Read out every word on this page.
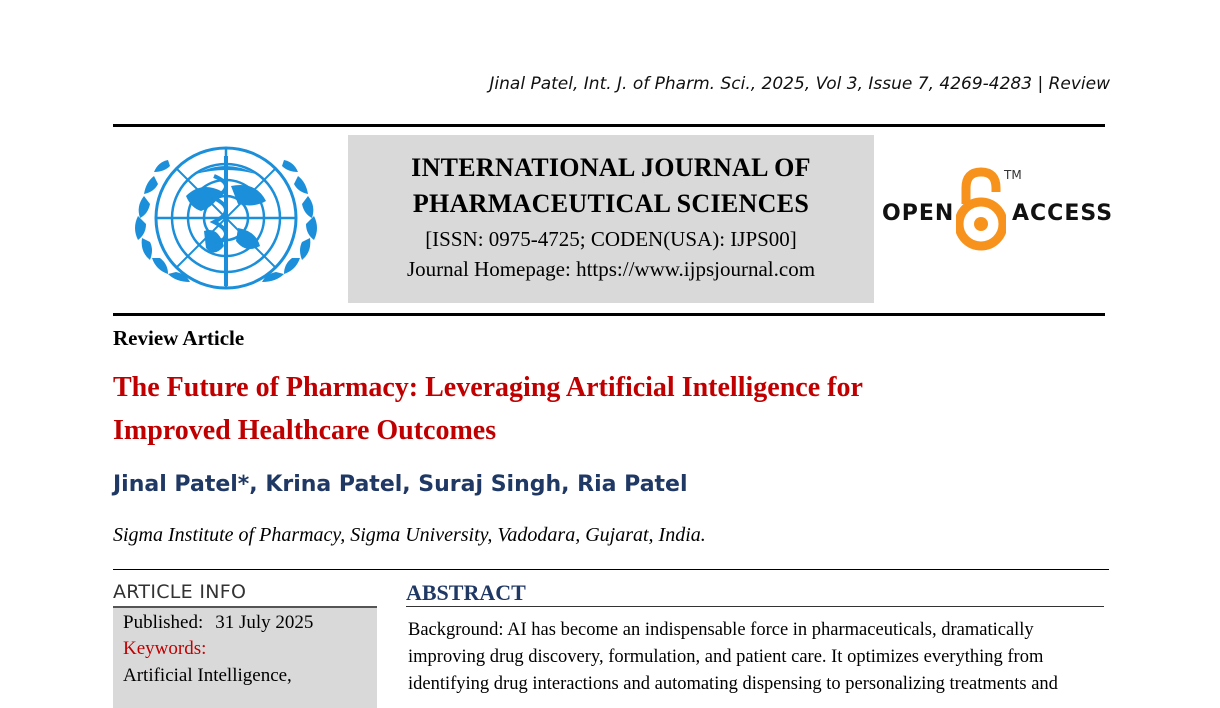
Jinal Patel, Int. J. of Pharm. Sci., 2025, Vol 3, Issue 7, 4269-4283 | Review
INTERNATIONAL JOURNAL OF
PHARMACEUTICAL SCIENCES
[ISSN: 0975-4725; CODEN(USA): IJPS00]
Journal Homepage: https://www.ijpsjournal.com
OPEN
TM
ACCESS
Review Article
The Future of Pharmacy: Leveraging Artificial Intelligence for
Improved Healthcare Outcomes
Jinal Patel*, Krina Patel, Suraj Singh, Ria Patel
Sigma Institute of Pharmacy, Sigma University, Vadodara, Gujarat, India.
ARTICLE INFO
Published: 31 July 2025
Keywords:
Artificial Intelligence,
ABSTRACT
Background: AI has become an indispensable force in pharmaceuticals, dramatically
improving drug discovery, formulation, and patient care. It optimizes everything from
identifying drug interactions and automating dispensing to personalizing treatments and
